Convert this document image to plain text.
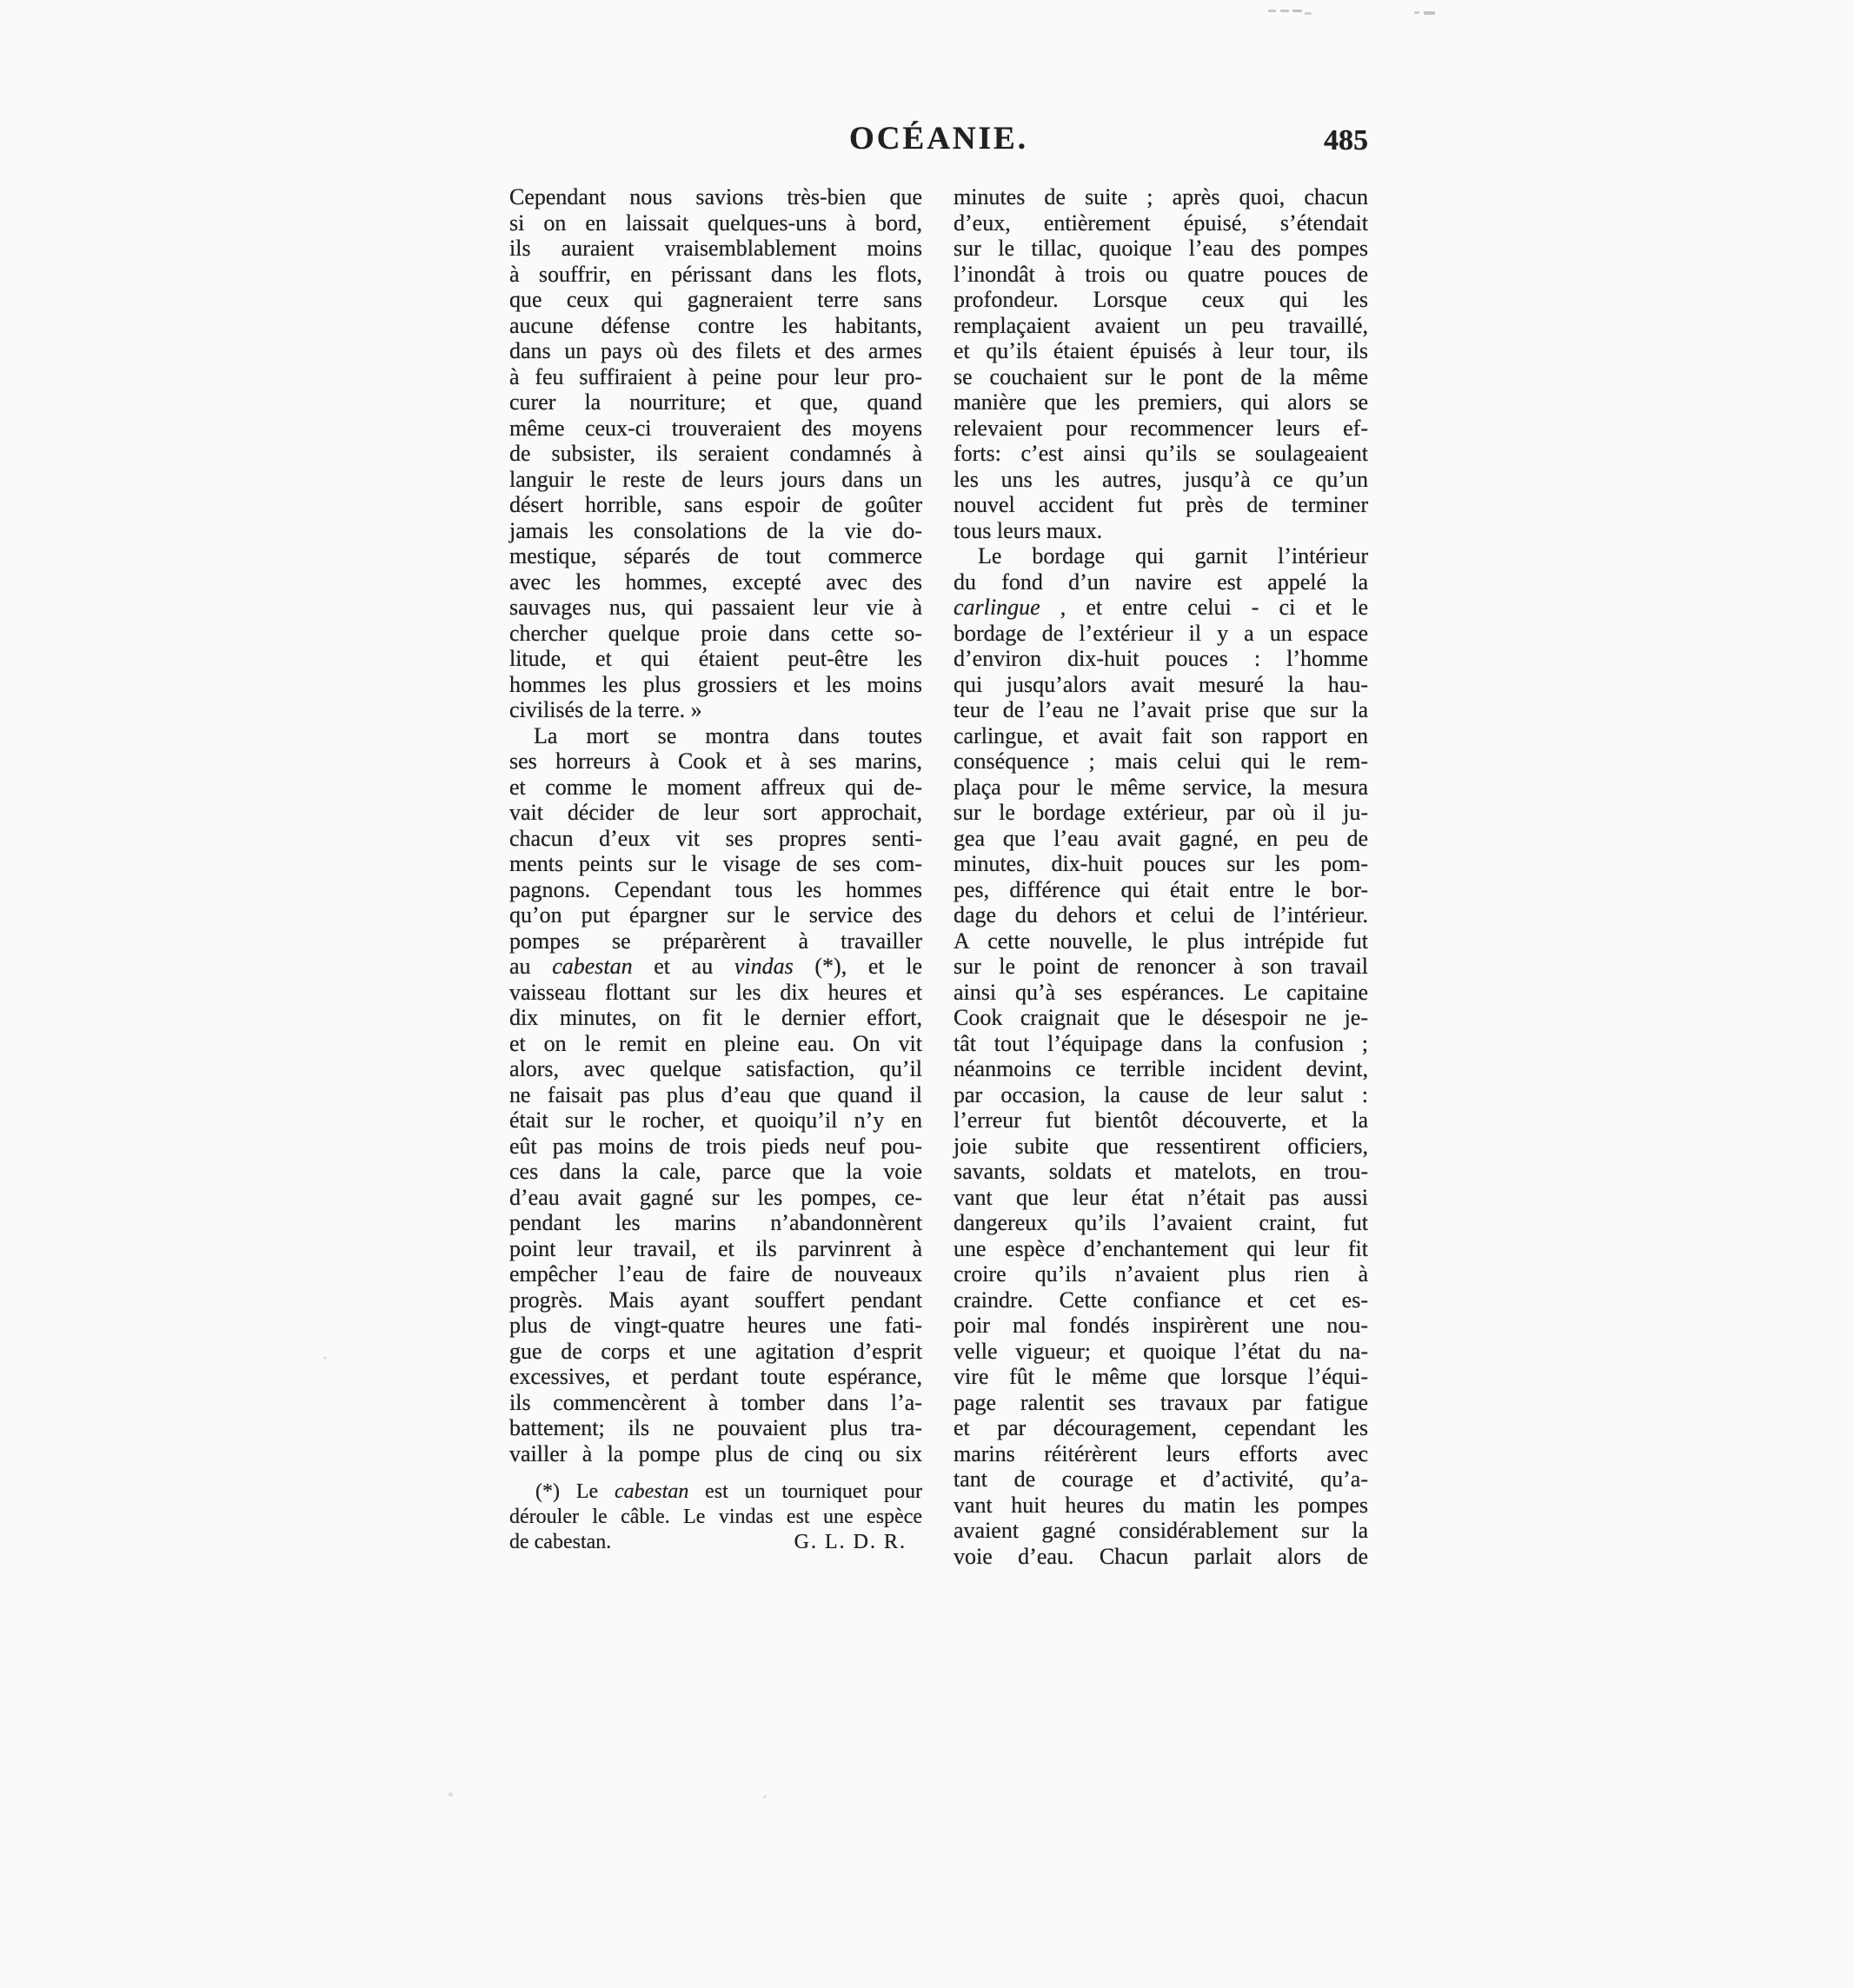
OCÉANIE.	485
Cependant nous savions très-bien que
si on en laissait quelques-uns à bord,
ils auraient vraisemblablement moins
à souffrir, en périssant dans les flots,
que ceux qui gagneraient terre sans
aucune défense contre les habitants,
dans un pays où des filets et des armes
à feu suffiraient à peine pour leur pro-
curer la nourriture; et que, quand
même ceux-ci trouveraient des moyens
de subsister, ils seraient condamnés à
languir le reste de leurs jours dans un
désert horrible, sans espoir de goûter
jamais les consolations de la vie do-
mestique, séparés de tout commerce
avec les hommes, excepté avec des
sauvages nus, qui passaient leur vie à
chercher quelque proie dans cette so-
litude, et qui étaient peut-être les
hommes les plus grossiers et les moins
civilisés de la terre. »
La mort se montra dans toutes
ses horreurs à Cook et à ses marins,
et comme le moment affreux qui de-
vait décider de leur sort approchait,
chacun d’eux vit ses propres senti-
ments peints sur le visage de ses com-
pagnons. Cependant tous les hommes
qu’on put épargner sur le service des
pompes se préparèrent à travailler
au cabestan et au vindas (*), et le
vaisseau flottant sur les dix heures et
dix minutes, on fit le dernier effort,
et on le remit en pleine eau. On vit
alors, avec quelque satisfaction, qu’il
ne faisait pas plus d’eau que quand il
était sur le rocher, et quoiqu’il n’y en
eût pas moins de trois pieds neuf pou-
ces dans la cale, parce que la voie
d’eau avait gagné sur les pompes, ce-
pendant les marins n’abandonnèrent
point leur travail, et ils parvinrent à
empêcher l’eau de faire de nouveaux
progrès. Mais ayant souffert pendant
plus de vingt-quatre heures une fati-
gue de corps et une agitation d’esprit
excessives, et perdant toute espérance,
ils commencèrent à tomber dans l’a-
battement; ils ne pouvaient plus tra-
vailler à la pompe plus de cinq ou six
minutes de suite ; après quoi, chacun
d’eux, entièrement épuisé, s’étendait
sur le tillac, quoique l’eau des pompes
l’inondât à trois ou quatre pouces de
profondeur. Lorsque ceux qui les
remplaçaient avaient un peu travaillé,
et qu’ils étaient épuisés à leur tour, ils
se couchaient sur le pont de la même
manière que les premiers, qui alors se
relevaient pour recommencer leurs ef-
forts: c’est ainsi qu’ils se soulageaient
les uns les autres, jusqu’à ce qu’un
nouvel accident fut près de terminer
tous leurs maux.
Le bordage qui garnit l’intérieur
du fond d’un navire est appelé la
carlingue , et entre celui - ci et le
bordage de l’extérieur il y a un espace
d’environ dix-huit pouces : l’homme
qui jusqu’alors avait mesuré la hau-
teur de l’eau ne l’avait prise que sur la
carlingue, et avait fait son rapport en
conséquence ; mais celui qui le rem-
plaça pour le même service, la mesura
sur le bordage extérieur, par où il ju-
gea que l’eau avait gagné, en peu de
minutes, dix-huit pouces sur les pom-
pes, différence qui était entre le bor-
dage du dehors et celui de l’intérieur.
A cette nouvelle, le plus intrépide fut
sur le point de renoncer à son travail
ainsi qu’à ses espérances. Le capitaine
Cook craignait que le désespoir ne je-
tât tout l’équipage dans la confusion ;
néanmoins ce terrible incident devint,
par occasion, la cause de leur salut :
l’erreur fut bientôt découverte, et la
joie subite que ressentirent officiers,
savants, soldats et matelots, en trou-
vant que leur état n’était pas aussi
dangereux qu’ils l’avaient craint, fut
une espèce d’enchantement qui leur fit
croire qu’ils n’avaient plus rien à
craindre. Cette confiance et cet es-
poir mal fondés inspirèrent une nou-
velle vigueur; et quoique l’état du na-
vire fût le même que lorsque l’équi-
page ralentit ses travaux par fatigue
et par découragement, cependant les
marins réitérèrent leurs efforts avec
tant de courage et d’activité, qu’a-
vant huit heures du matin les pompes
avaient gagné considérablement sur la
voie d’eau. Chacun parlait alors de
G. L. D. R.
(*) Le cabestan est un tourniquet pour
dérouler le câble. Le vindas est une espèce
de cabestan.
